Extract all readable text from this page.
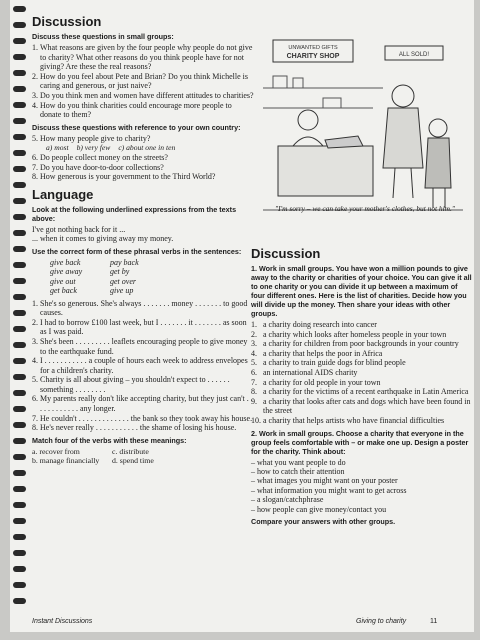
Discussion
Discuss these questions in small groups:
1. What reasons are given by the four people why people do not give to charity? What other reasons do you think people have for not giving? Are these the real reasons?
2. How do you feel about Pete and Brian? Do you think Michelle is caring and generous, or just naive?
3. Do you think men and women have different attitudes to charities?
4. How do you think charities could encourage more people to donate to them?
Discuss these questions with reference to your own country:
5. How many people give to charity?
a) most b) very few c) about one in ten
6. Do people collect money on the streets?
7. Do you have door-to-door collections?
8. How generous is your government to the Third World?
Language
Look at the following underlined expressions from the texts above:
I've got nothing back for it ...
... when it comes to giving away my money.
Use the correct form of these phrasal verbs in the sentences:
give back	pay back
give away	get by
give out	get over
get back	give up
1. She's so generous. She's always . . . . . . . money . . . . . . . to good causes.
2. I had to borrow £100 last week, but I . . . . . . . it . . . . . . . as soon as I was paid.
3. She's been . . . . . . . . . leaflets encouraging people to give money to the earthquake fund.
4. I . . . . . . . . . . . a couple of hours each week to address envelopes for a children's charity.
5. Charity is all about giving – you shouldn't expect to . . . . . . something . . . . . . . .
6. My parents really don't like accepting charity, but they just can't . . . . . . . . . . . . any longer.
7. He couldn't . . . . . . . . . . . . . the bank so they took away his house.
8. He's never really . . . . . . . . . . . the shame of losing his house.
Match four of the verbs with these meanings:
a. recover from	c. distribute
b. manage financially	d. spend time
UNWANTED GIFTS
CHARITY SHOP	ALL SOLD!
"I'm sorry – we can take your mother's clothes, but not him."
Discussion
1. Work in small groups. You have won a million pounds to give away to the charity or charities of your choice. You can give it all to one charity or you can divide it up between a maximum of four different ones. Here is the list of charities. Decide how you will divide up the money. Then share your ideas with other groups.
1. a charity doing research into cancer
2. a charity which looks after homeless people in your town
3. a charity for children from poor backgrounds in your country
4. a charity that helps the poor in Africa
5. a charity to train guide dogs for blind people
6. an international AIDS charity
7. a charity for old people in your town
8. a charity for the victims of a recent earthquake in Latin America
9. a charity that looks after cats and dogs which have been found in the street
10. a charity that helps artists who have financial difficulties
2. Work in small groups. Choose a charity that everyone in the group feels comfortable with – or make one up. Design a poster for the charity. Think about:
– what you want people to do
– how to catch their attention
– what images you might want on your poster
– what information you might want to get across
– a slogan/catchphrase
– how people can give money/contact you
Compare your answers with other groups.
Instant Discussions	Giving to charity	11
